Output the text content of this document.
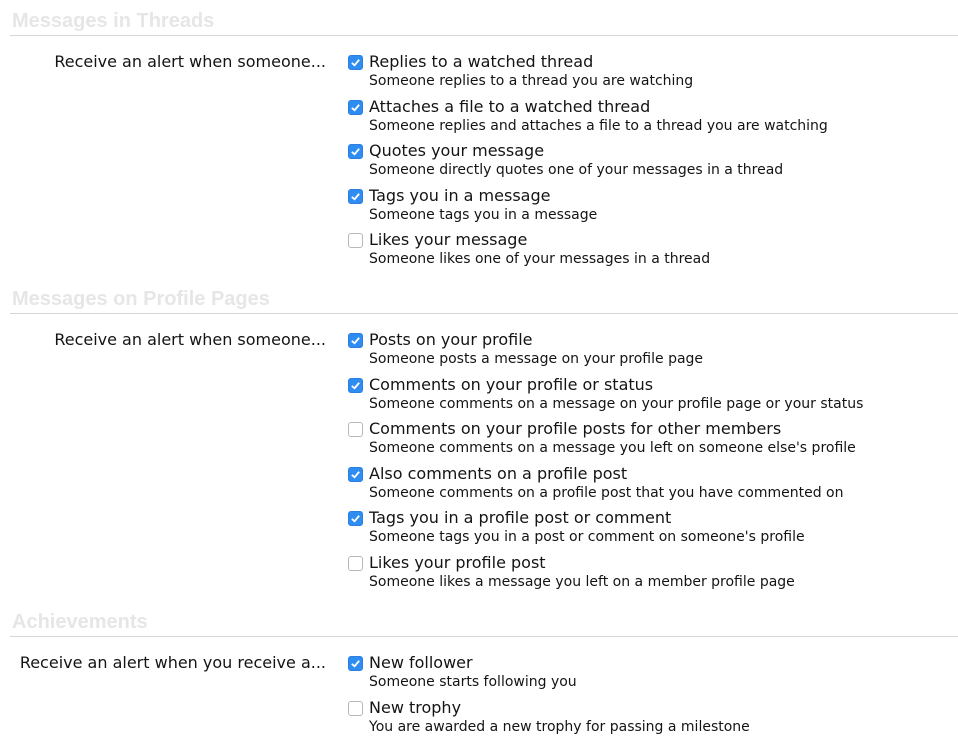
Messages in Threads
Receive an alert when someone...	Replies to a watched thread
Someone replies to a thread you are watching
Attaches a file to a watched thread
Someone replies and attaches a file to a thread you are watching
Quotes your message
Someone directly quotes one of your messages in a thread
Tags you in a message
Someone tags you in a message
Likes your message
Someone likes one of your messages in a thread
Messages on Profile Pages
Receive an alert when someone...	Posts on your profile
Someone posts a message on your profile page
Comments on your profile or status
Someone comments on a message on your profile page or your status
Comments on your profile posts for other members
Someone comments on a message you left on someone else's profile
Also comments on a profile post
Someone comments on a profile post that you have commented on
Tags you in a profile post or comment
Someone tags you in a post or comment on someone's profile
Likes your profile post
Someone likes a message you left on a member profile page
Achievements
Receive an alert when you receive a...	New follower
Someone starts following you
New trophy
You are awarded a new trophy for passing a milestone
